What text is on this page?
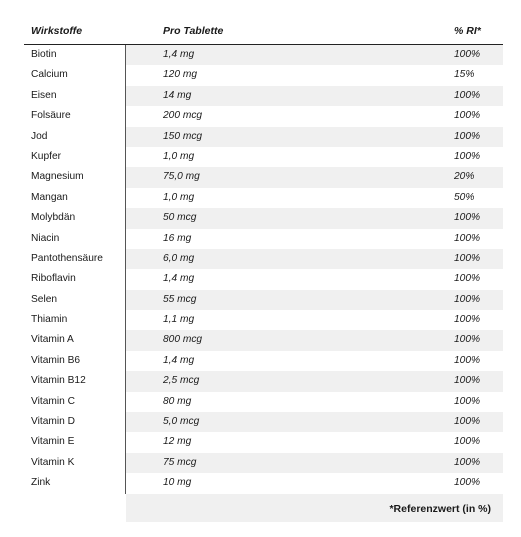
Wirkstoffe	Pro Tablette	% RI*
Biotin	1,4 mg	100%
Calcium	120 mg	15%
Eisen	14 mg	100%
Folsäure	200 mcg	100%
Jod	150 mcg	100%
Kupfer	1,0 mg	100%
Magnesium	75,0 mg	20%
Mangan	1,0 mg	50%
Molybdän	50 mcg	100%
Niacin	16 mg	100%
Pantothensäure	6,0 mg	100%
Riboflavin	1,4 mg	100%
Selen	55 mcg	100%
Thiamin	1,1 mg	100%
Vitamin A	800 mcg	100%
Vitamin B6	1,4 mg	100%
Vitamin B12	2,5 mcg	100%
Vitamin C	80 mg	100%
Vitamin D	5,0 mcg	100%
Vitamin E	12 mg	100%
Vitamin K	75 mcg	100%
Zink	10 mg	100%
*Referenzwert (in %)
